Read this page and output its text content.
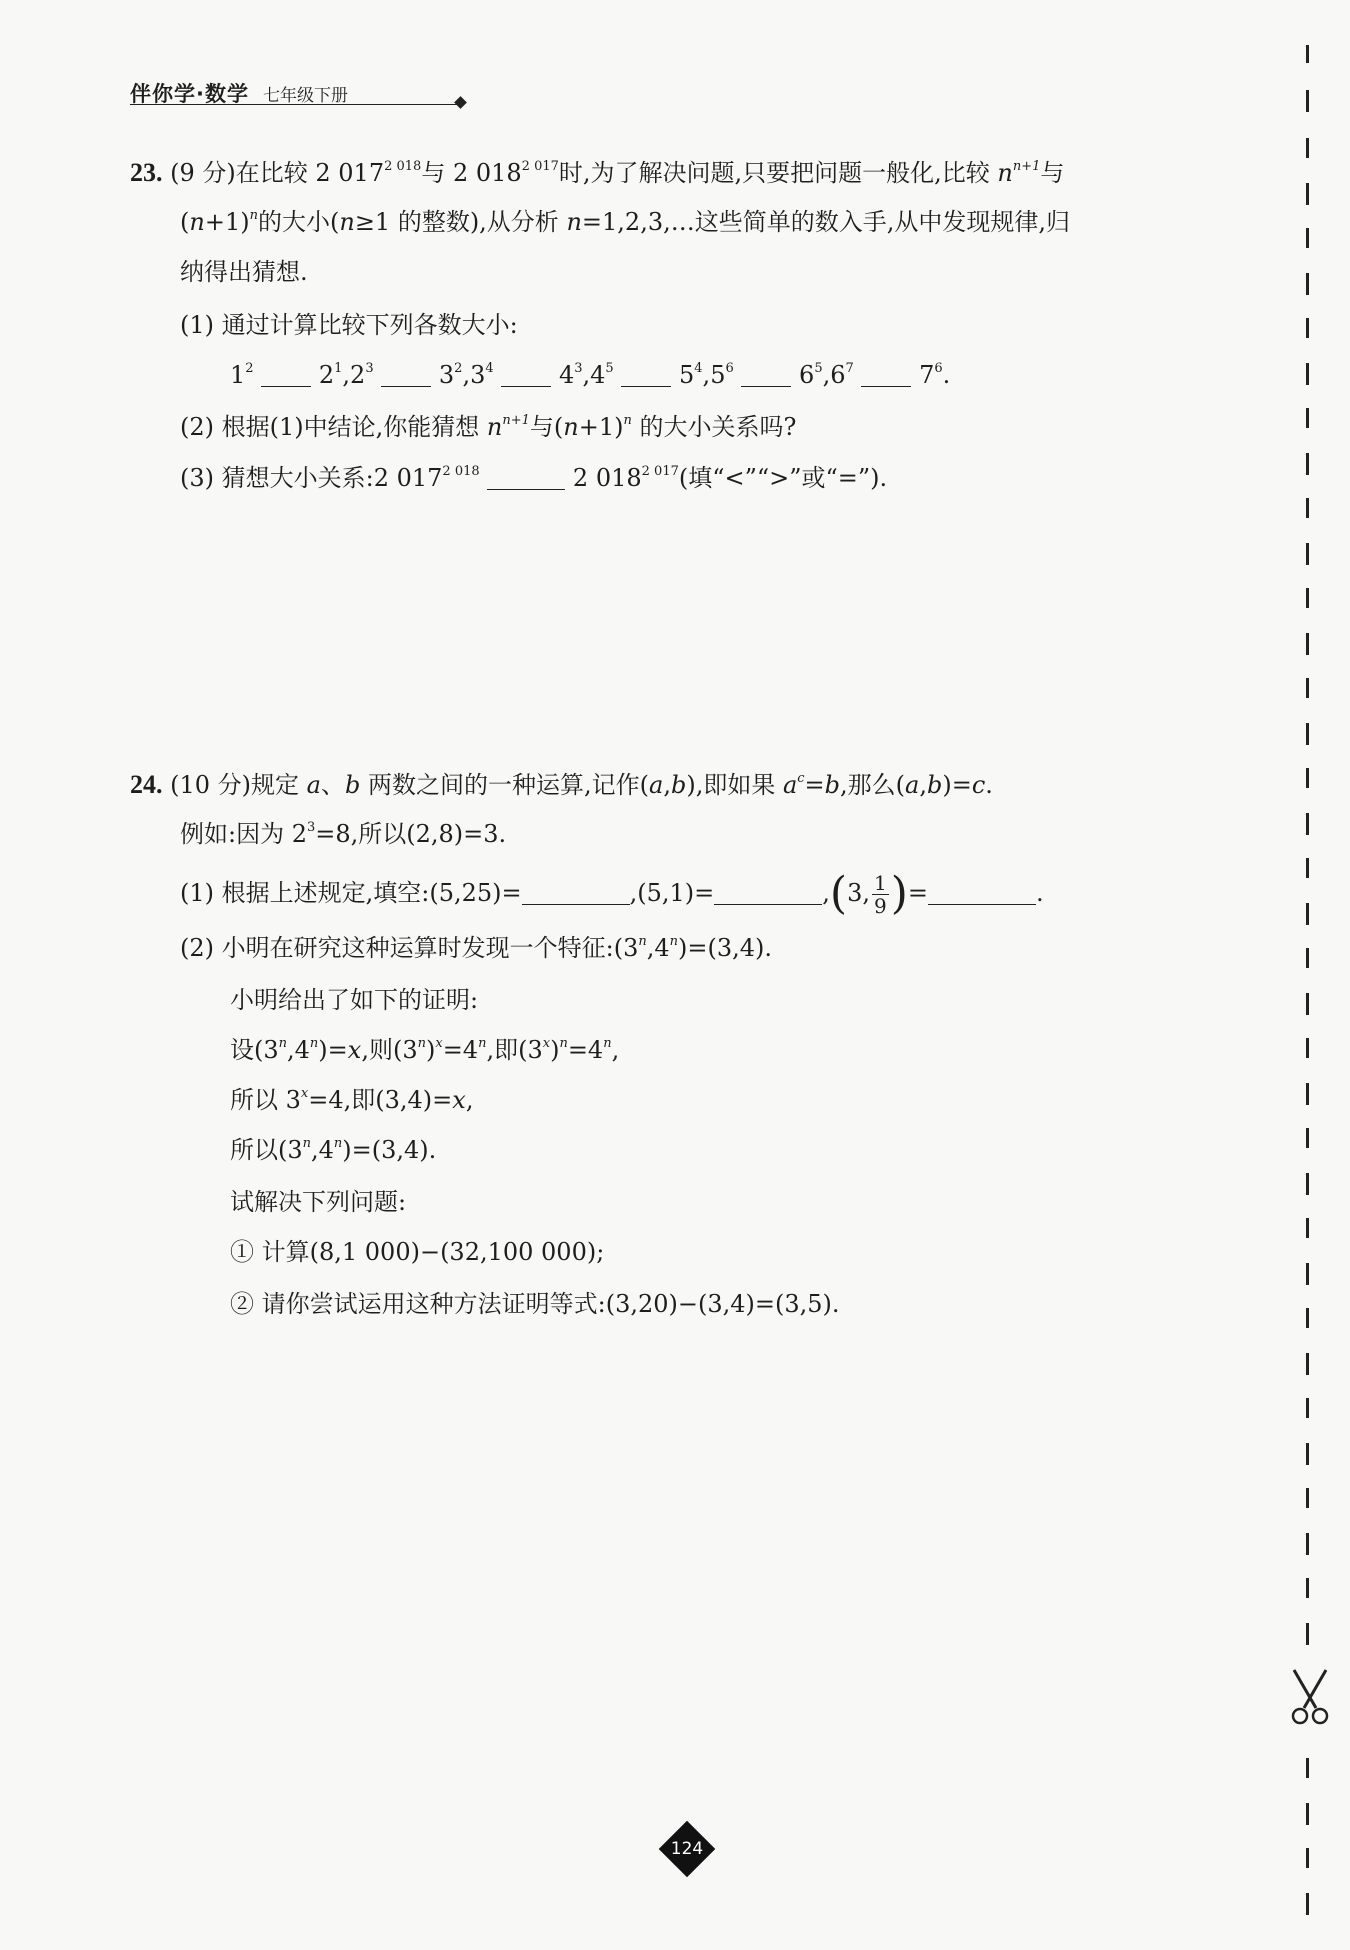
伴你学·数学 七年级下册
23. (9 分)在比较 2 $017^{2 018}$与 2 $018^{2 017}$时,为了解决问题,只要把问题一般化,比较 $n^{n+1}$与
$(n+1)^n$的大小(n≥1 的整数),从分析 n=1,2,3,…这些简单的数入手,从中发现规律,归
纳得出猜想.
(1) 通过计算比较下列各数大小:
$1^2$	$2^1,2^3$	$3^2,3^4$	$4^3,4^5$	$5^4,5^6$	$6^5,6^7$	$7^6$.
(2) 根据(1)中结论,你能猜想 $n^{n+1}$与$(n+1)^n$ 的大小关系吗?
(3) 猜想大小关系:2 $017^{2 018}$	2 $018^{2 017}$(填“<”“>”或“=”).
24. (10 分)规定 a、b 两数之间的一种运算,记作(a,b),即如果 $a^c=b$,那么(a,b)=c.
例如:因为 $2^3=8$,所以(2,8)=3.
(1) 根据上述规定,填空:(5,25)=	,(5,1)=	,(3, $\frac{1}{9}$ )=	.
(2) 小明在研究这种运算时发现一个特征$:(3^n,4^n)=(3,4)$.
小明给出了如下的证明:
设$(3^n,4^n)=x$,则$(3^n)^x=4^n$,即$(3^x)^n=4^n$,
所以 $3^x=4$,即(3,4)=x,
所以$(3^n,4^n)=(3,4)$.
试解决下列问题:
① 计算(8,1 000)−(32,100 000);
② 请你尝试运用这种方法证明等式:(3,20)−(3,4)=(3,5).
124
